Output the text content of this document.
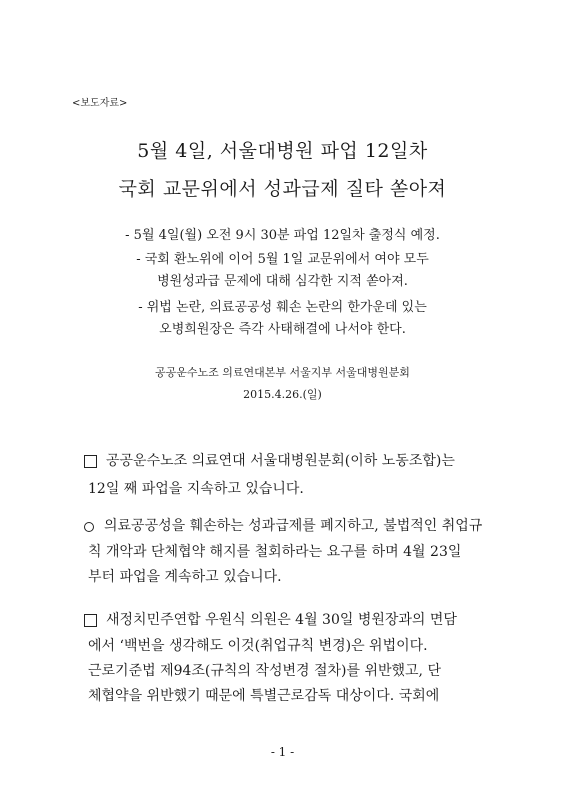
<보도자료>
5월 4일, 서울대병원 파업 12일차
국회 교문위에서 성과급제 질타 쏟아져
- 5월 4일(월) 오전 9시 30분 파업 12일차 출정식 예정.
- 국회 환노위에 이어 5월 1일 교문위에서 여야 모두
병원성과급 문제에 대해 심각한 지적 쏟아져.
- 위법 논란, 의료공공성 훼손 논란의 한가운데 있는
오병희원장은 즉각 사태해결에 나서야 한다.
공공운수노조 의료연대본부 서울지부 서울대병원분회
2015.4.26.(일)
공공운수노조 의료연대 서울대병원분회(이하 노동조합)는
12일 째 파업을 지속하고 있습니다.
의료공공성을 훼손하는 성과급제를 폐지하고, 불법적인 취업규
칙 개악과 단체협약 해지를 철회하라는 요구를 하며 4월 23일
부터 파업을 계속하고 있습니다.
새정치민주연합 우원식 의원은 4월 30일 병원장과의 면담
에서 ‘백번을 생각해도 이것(취업규칙 변경)은 위법이다.
근로기준법 제94조(규칙의 작성변경 절차)를 위반했고, 단
체협약을 위반했기 때문에 특별근로감독 대상이다. 국회에
- 1 -
